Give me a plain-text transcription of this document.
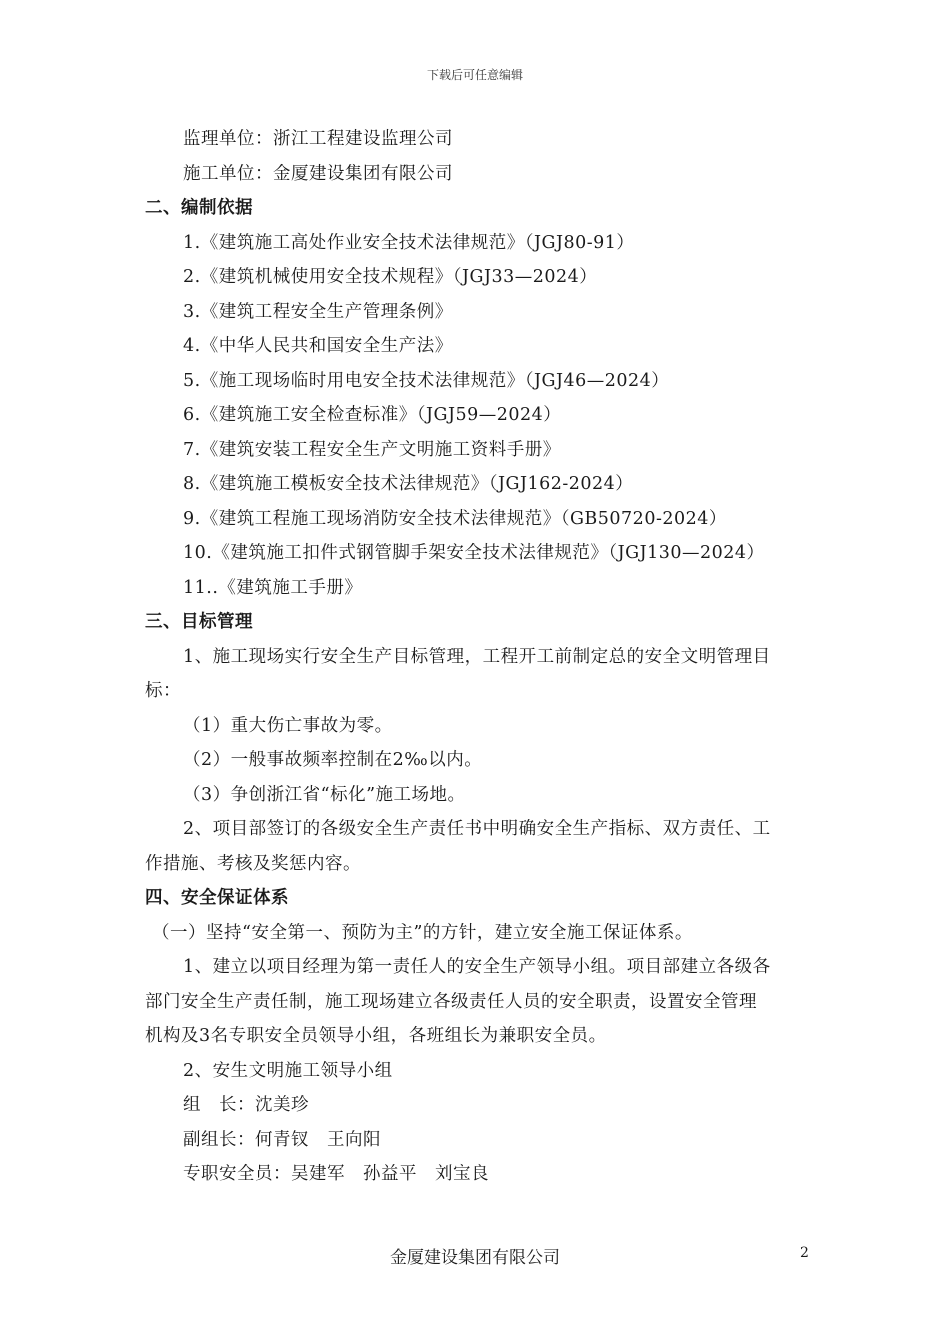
下载后可任意编辑
监理单位：浙江工程建设监理公司
施工单位：金厦建设集团有限公司
二、编制依据
1.《建筑施工高处作业安全技术法律规范》（JGJ80-91）
2.《建筑机械使用安全技术规程》（JGJ33—2024）
3.《建筑工程安全生产管理条例》
4.《中华人民共和国安全生产法》
5.《施工现场临时用电安全技术法律规范》（JGJ46—2024）
6.《建筑施工安全检查标准》（JGJ59—2024）
7.《建筑安装工程安全生产文明施工资料手册》
8.《建筑施工模板安全技术法律规范》（JGJ162-2024）
9.《建筑工程施工现场消防安全技术法律规范》（GB50720-2024）
10.《建筑施工扣件式钢管脚手架安全技术法律规范》（JGJ130—2024）
11..《建筑施工手册》
三、目标管理
1、施工现场实行安全生产目标管理，工程开工前制定总的安全文明管理目
标：
（1）重大伤亡事故为零。
（2）一般事故频率控制在2‰以内。
（3）争创浙江省“标化”施工场地。
2、项目部签订的各级安全生产责任书中明确安全生产指标、双方责任、工
作措施、考核及奖惩内容。
四、安全保证体系
（一）坚持“安全第一、预防为主”的方针，建立安全施工保证体系。
1、建立以项目经理为第一责任人的安全生产领导小组。项目部建立各级各
部门安全生产责任制，施工现场建立各级责任人员的安全职责，设置安全管理
机构及3名专职安全员领导小组，各班组长为兼职安全员。
2、安生文明施工领导小组
组　长：沈美珍
副组长：何青钗　王向阳
专职安全员：吴建军　孙益平　刘宝良
金厦建设集团有限公司	2
